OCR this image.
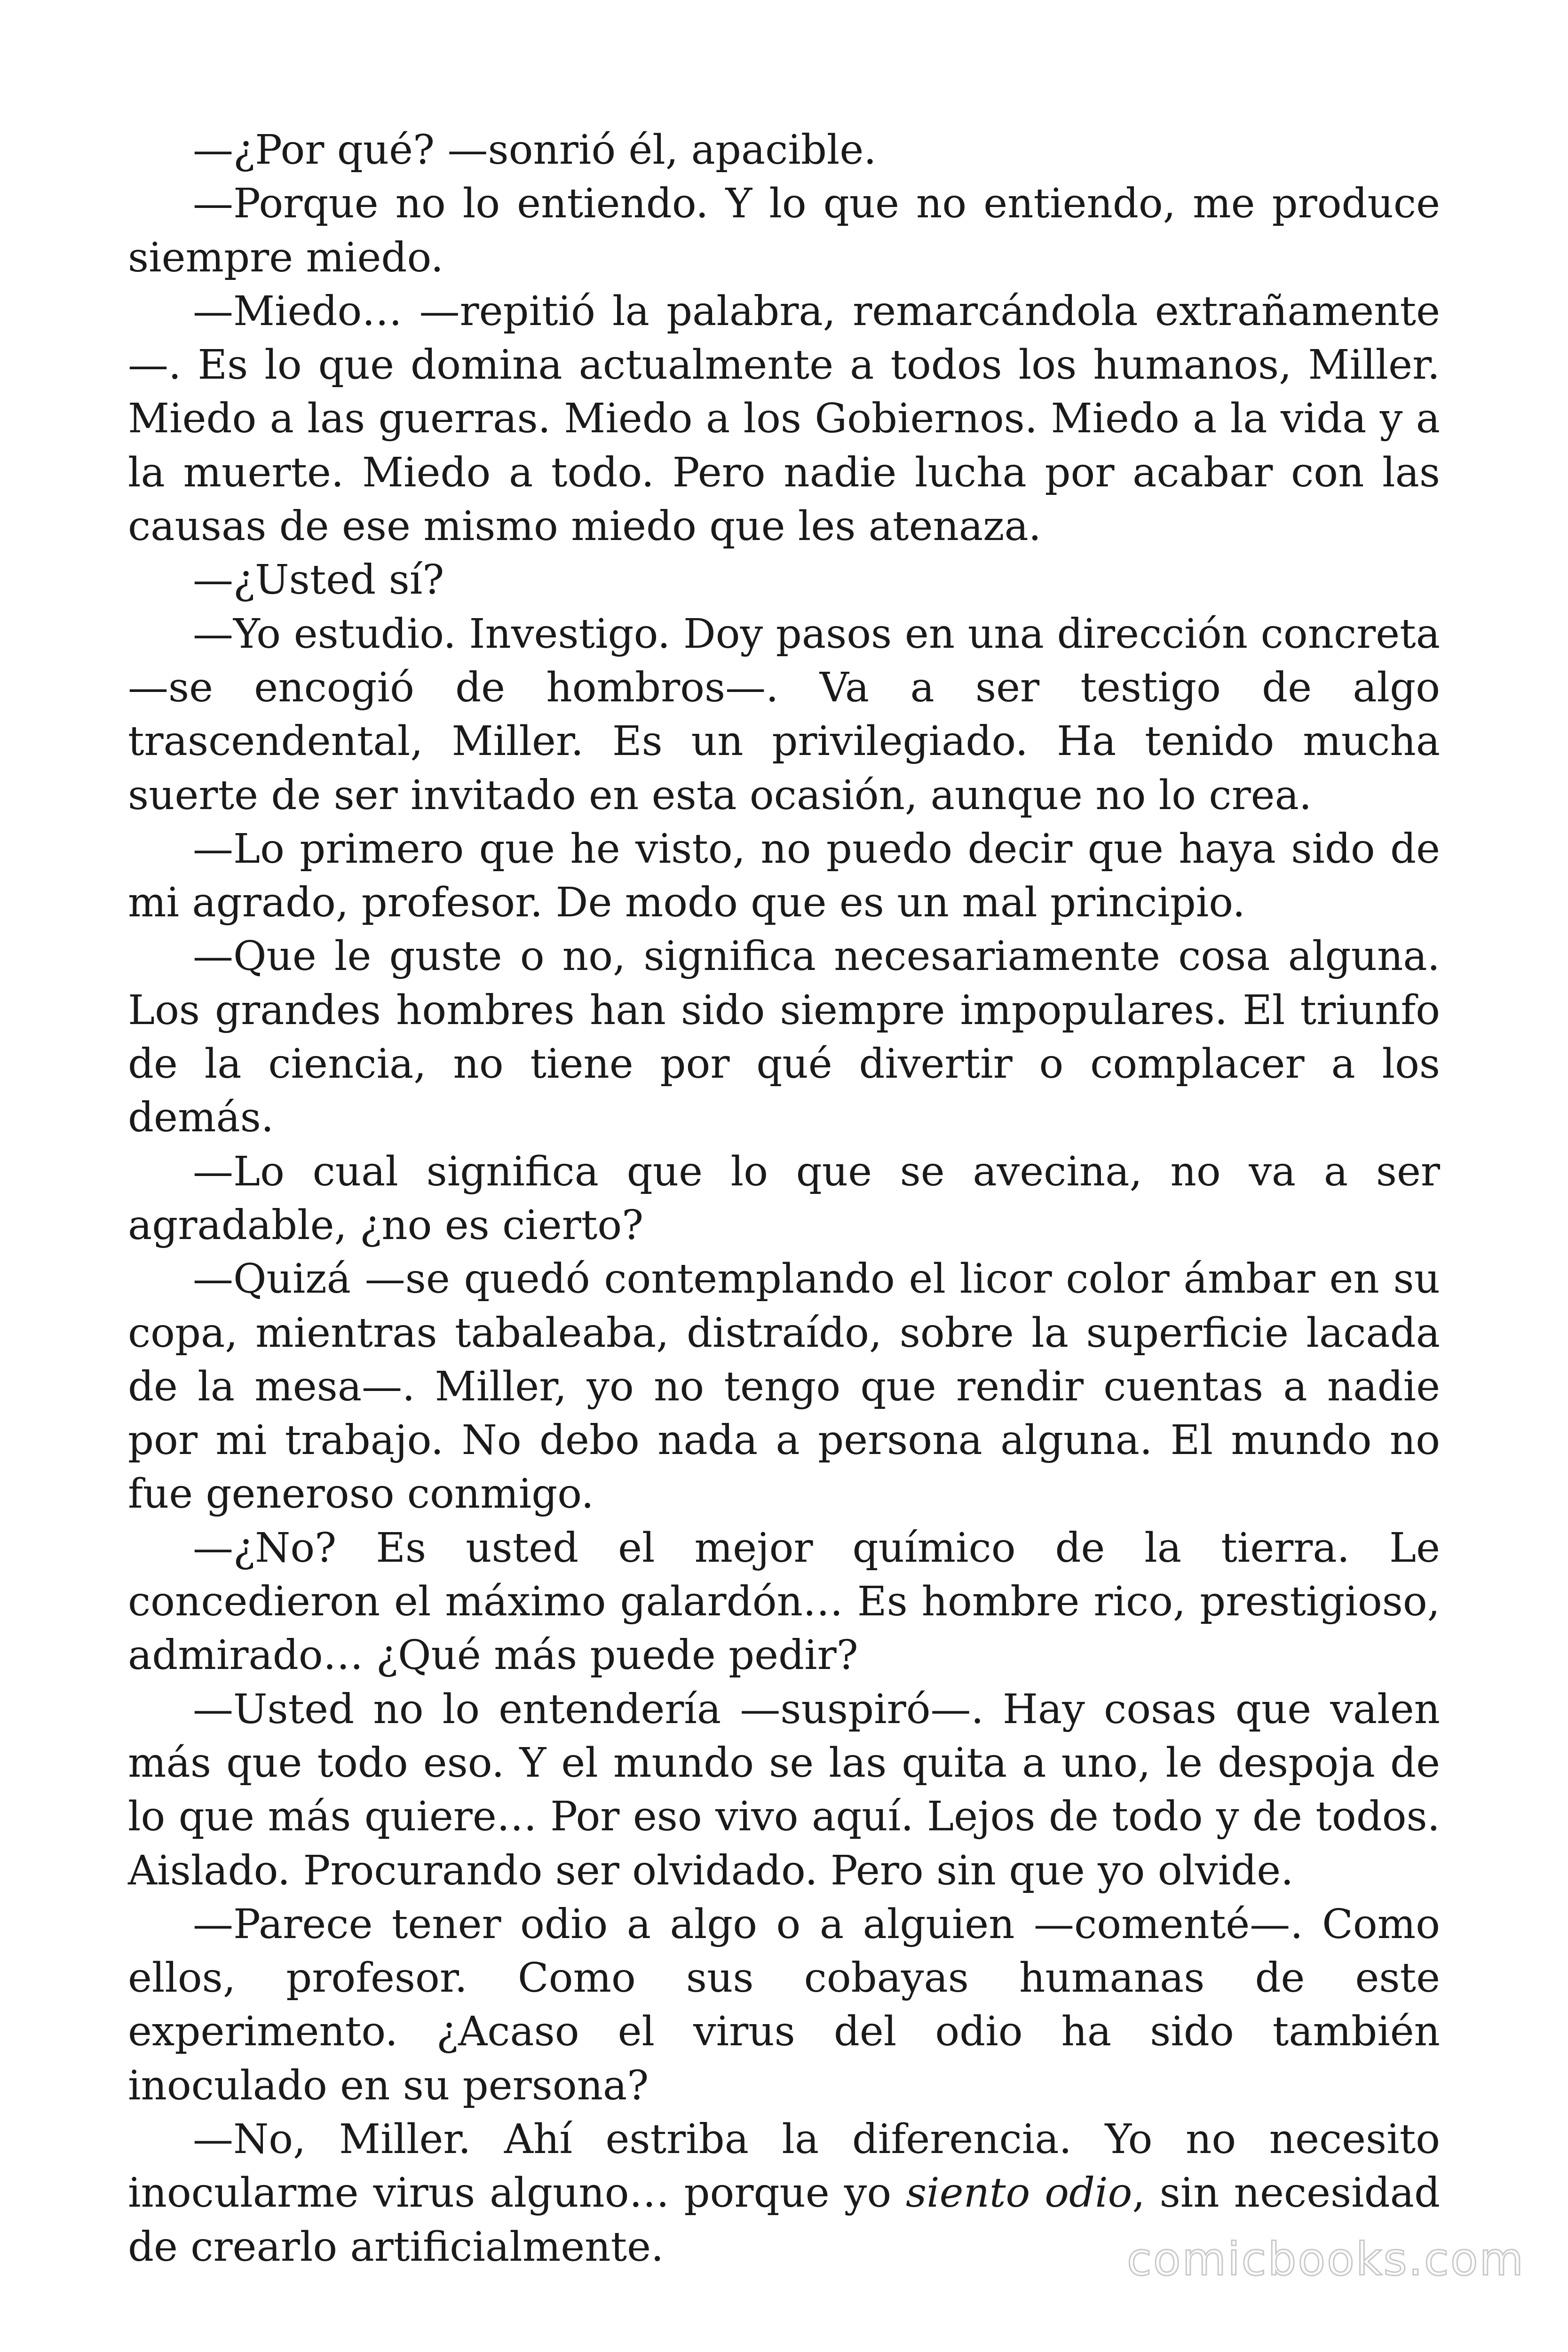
—¿Por qué? —sonrió él, apacible.

—Porque no lo entiendo. Y lo que no entiendo, me produce siempre miedo.

—Miedo… —repitió la palabra, remarcándola extrañamente—. Es lo que domina actualmente a todos los humanos, Miller. Miedo a las guerras. Miedo a los Gobiernos. Miedo a la vida y a la muerte. Miedo a todo. Pero nadie lucha por acabar con las causas de ese mismo miedo que les atenaza.

—¿Usted sí?

—Yo estudio. Investigo. Doy pasos en una dirección concreta —se encogió de hombros—. Va a ser testigo de algo trascendental, Miller. Es un privilegiado. Ha tenido mucha suerte de ser invitado en esta ocasión, aunque no lo crea.

—Lo primero que he visto, no puedo decir que haya sido de mi agrado, profesor. De modo que es un mal principio.

—Que le guste o no, significa necesariamente cosa alguna. Los grandes hombres han sido siempre impopulares. El triunfo de la ciencia, no tiene por qué divertir o complacer a los demás.

—Lo cual significa que lo que se avecina, no va a ser agradable, ¿no es cierto?

—Quizá —se quedó contemplando el licor color ámbar en su copa, mientras tabaleaba, distraído, sobre la superficie lacada de la mesa—. Miller, yo no tengo que rendir cuentas a nadie por mi trabajo. No debo nada a persona alguna. El mundo no fue generoso conmigo.

—¿No? Es usted el mejor químico de la tierra. Le concedieron el máximo galardón… Es hombre rico, prestigioso, admirado… ¿Qué más puede pedir?

—Usted no lo entendería —suspiró—. Hay cosas que valen más que todo eso. Y el mundo se las quita a uno, le despoja de lo que más quiere… Por eso vivo aquí. Lejos de todo y de todos. Aislado. Procurando ser olvidado. Pero sin que yo olvide.

—Parece tener odio a algo o a alguien —comenté—. Como ellos, profesor. Como sus cobayas humanas de este experimento. ¿Acaso el virus del odio ha sido también inoculado en su persona?

—No, Miller. Ahí estriba la diferencia. Yo no necesito inocularme virus alguno… porque yo siento odio, sin necesidad de crearlo artificialmente.	comicbooks.com
